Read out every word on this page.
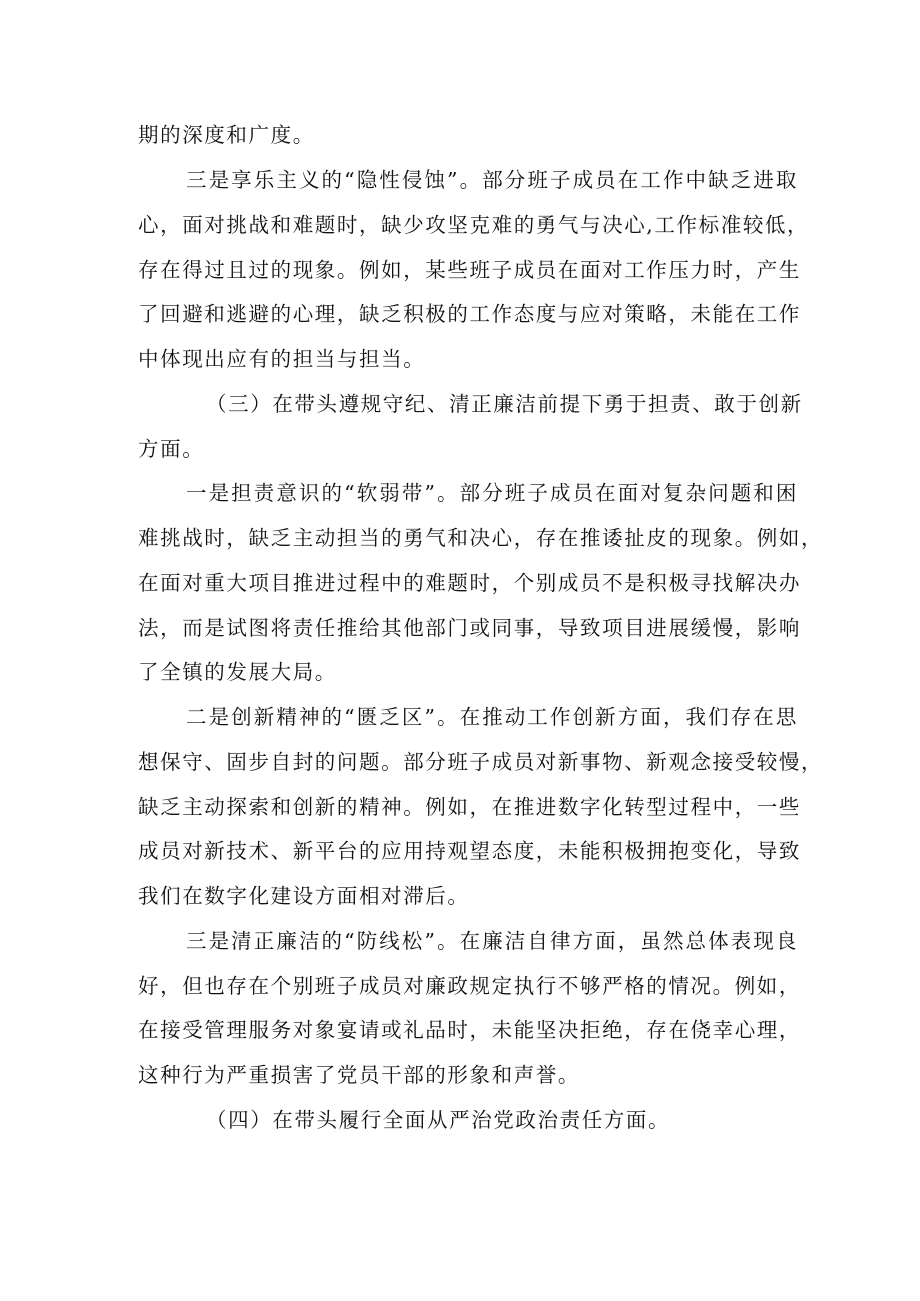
期的深度和广度。
三是享乐主义的“隐性侵蚀”。部分班子成员在工作中缺乏进取
心，面对挑战和难题时，缺少攻坚克难的勇气与决心,工作标准较低，
存在得过且过的现象。例如，某些班子成员在面对工作压力时，产生
了回避和逃避的心理，缺乏积极的工作态度与应对策略，未能在工作
中体现出应有的担当与担当。
（三）在带头遵规守纪、清正廉洁前提下勇于担责、敢于创新
方面。
一是担责意识的“软弱带”。部分班子成员在面对复杂问题和困
难挑战时，缺乏主动担当的勇气和决心，存在推诿扯皮的现象。例如，
在面对重大项目推进过程中的难题时，个别成员不是积极寻找解决办
法，而是试图将责任推给其他部门或同事，导致项目进展缓慢，影响
了全镇的发展大局。
二是创新精神的“匮乏区”。在推动工作创新方面，我们存在思
想保守、固步自封的问题。部分班子成员对新事物、新观念接受较慢，
缺乏主动探索和创新的精神。例如，在推进数字化转型过程中，一些
成员对新技术、新平台的应用持观望态度，未能积极拥抱变化，导致
我们在数字化建设方面相对滞后。
三是清正廉洁的“防线松”。在廉洁自律方面，虽然总体表现良
好，但也存在个别班子成员对廉政规定执行不够严格的情况。例如，
在接受管理服务对象宴请或礼品时，未能坚决拒绝，存在侥幸心理，
这种行为严重损害了党员干部的形象和声誉。
（四）在带头履行全面从严治党政治责任方面。
